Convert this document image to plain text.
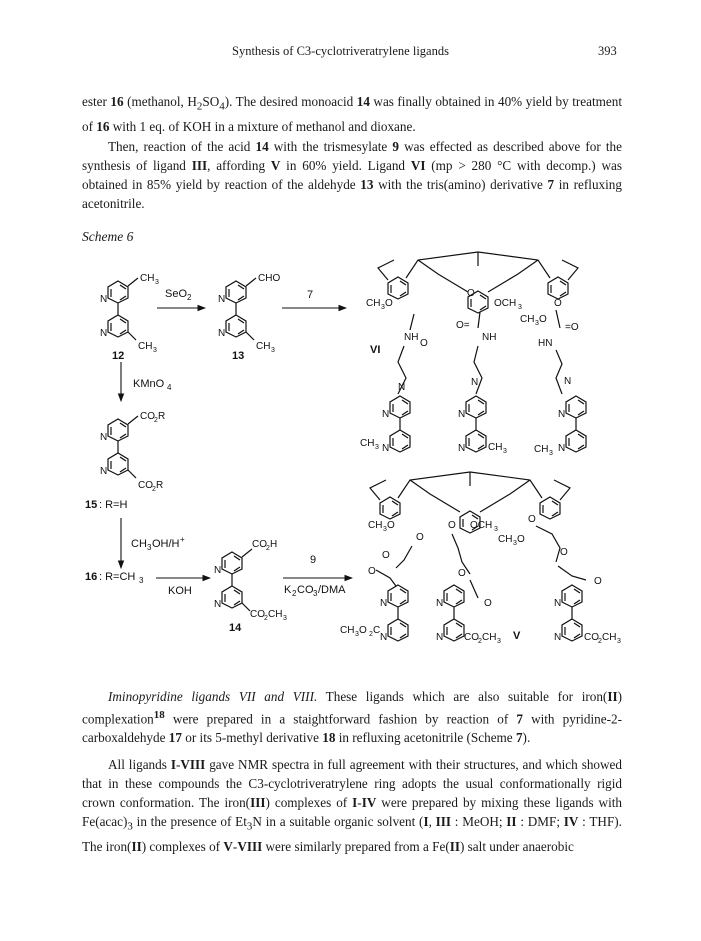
Synthesis of C3-cyclotriveratrylene ligands	393

ester 16 (methanol, $H_2SO_4$). The desired monoacid 14 was finally obtained in 40% yield by treatment of 16 with 1 eq. of KOH in a mixture of methanol and dioxane.

Then, reaction of the acid 14 with the trismesylate 9 was effected as described above for the synthesis of ligand III, affording V in 60% yield. Ligand VI (mp > 280 °C with decomp.) was obtained in 85% yield by reaction of the aldehyde 13 with the tris(amino) derivative 7 in refluxing acetonitrile.

Scheme 6
CH 3
CH 3
12
SeO 2
CHO
CH 3
13
7
CH 3 O
O
OCH 3
CH 3 O
O
O=	=O
O
NH	NH
HN
VI
N	N	N
CH 3	CH 3	CH 3
KMnO 4
CO 2 R
CO 2 R
15 : R=H
CH 3 OH/H +
16 : R=CH 3
KOH
CO 2 H
CO 2 CH 3
14
9
K 2 CO 3 /DMA
CH 3 O
O
O OCH 3
CH 3 O
O
O
O
O
O
O
O
CH 3 O 2 C
CO 2 CH 3	CO 2 CH 3
V

Iminopyridine ligands VII and VIII. These ligands which are also suitable for iron(II) complexation$^{18}$ were prepared in a staightforward fashion by reaction of 7 with pyridine-2-carboxaldehyde 17 or its 5-methyl derivative 18 in refluxing acetonitrile (Scheme 7).

All ligands I-VIII gave NMR spectra in full agreement with their structures, and which showed that in these compounds the C3-cyclotriveratrylene ring adopts the usual conformationally rigid crown conformation. The iron(III) complexes of I-IV were prepared by mixing these ligands with $Fe(acac)_3$ in the presence of $Et_3N$ in a suitable organic solvent (I, III : MeOH; II : DMF; IV : THF). The iron(II) complexes of V-VIII were similarly prepared from a Fe(II) salt under anaerobic
